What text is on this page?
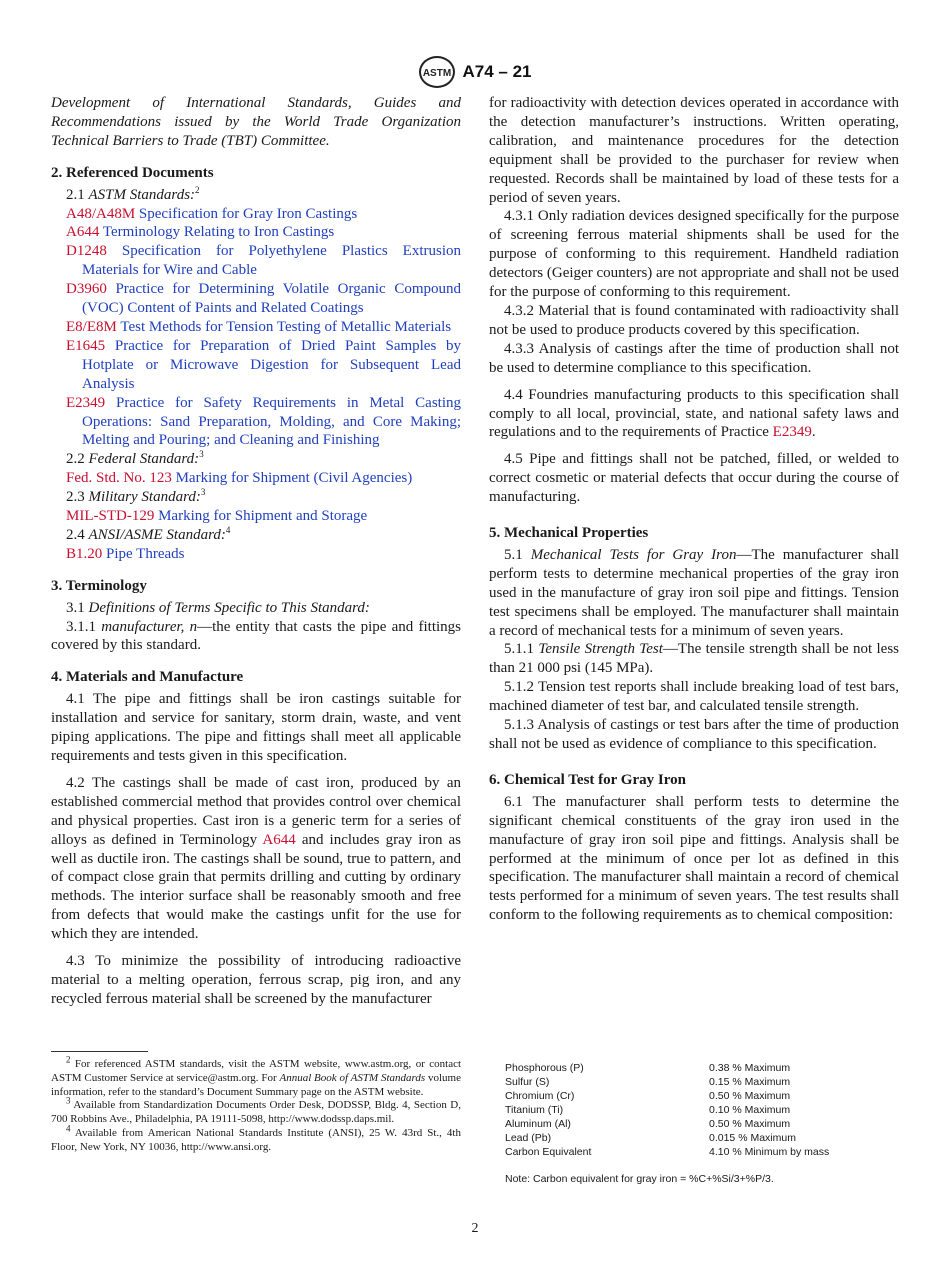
ASTM A74 – 21

Development of International Standards, Guides and Recommendations issued by the World Trade Organization Technical Barriers to Trade (TBT) Committee.

2. Referenced Documents

2.1 ASTM Standards:$^2$

A48/A48M Specification for Gray Iron Castings

A644 Terminology Relating to Iron Castings

D1248 Specification for Polyethylene Plastics Extrusion Materials for Wire and Cable

D3960 Practice for Determining Volatile Organic Compound (VOC) Content of Paints and Related Coatings

E8/E8M Test Methods for Tension Testing of Metallic Materials

E1645 Practice for Preparation of Dried Paint Samples by Hotplate or Microwave Digestion for Subsequent Lead Analysis

E2349 Practice for Safety Requirements in Metal Casting Operations: Sand Preparation, Molding, and Core Making; Melting and Pouring; and Cleaning and Finishing

2.2 Federal Standard:$^3$

Fed. Std. No. 123 Marking for Shipment (Civil Agencies)

2.3 Military Standard:$^3$

MIL-STD-129 Marking for Shipment and Storage

2.4 ANSI/ASME Standard:$^4$

B1.20 Pipe Threads

3. Terminology

3.1 Definitions of Terms Specific to This Standard:

3.1.1 manufacturer, n—the entity that casts the pipe and fittings covered by this standard.

4. Materials and Manufacture

4.1 The pipe and fittings shall be iron castings suitable for installation and service for sanitary, storm drain, waste, and vent piping applications. The pipe and fittings shall meet all applicable requirements and tests given in this specification.

4.2 The castings shall be made of cast iron, produced by an established commercial method that provides control over chemical and physical properties. Cast iron is a generic term for a series of alloys as defined in Terminology A644 and includes gray iron as well as ductile iron. The castings shall be sound, true to pattern, and of compact close grain that permits drilling and cutting by ordinary methods. The interior surface shall be reasonably smooth and free from defects that would make the castings unfit for the use for which they are intended.

4.3 To minimize the possibility of introducing radioactive material to a melting operation, ferrous scrap, pig iron, and any recycled ferrous material shall be screened by the manufacturer

$^2$ For referenced ASTM standards, visit the ASTM website, www.astm.org, or contact ASTM Customer Service at service@astm.org. For Annual Book of ASTM Standards volume information, refer to the standard’s Document Summary page on the ASTM website.

$^3$ Available from Standardization Documents Order Desk, DODSSP, Bldg. 4, Section D, 700 Robbins Ave., Philadelphia, PA 19111-5098, http://www.dodssp.daps.mil.

$^4$ Available from American National Standards Institute (ANSI), 25 W. 43rd St., 4th Floor, New York, NY 10036, http://www.ansi.org.

for radioactivity with detection devices operated in accordance with the detection manufacturer’s instructions. Written operating, calibration, and maintenance procedures for the detection equipment shall be provided to the purchaser for review when requested. Records shall be maintained by load of these tests for a period of seven years.

4.3.1 Only radiation devices designed specifically for the purpose of screening ferrous material shipments shall be used for the purpose of conforming to this requirement. Handheld radiation detectors (Geiger counters) are not appropriate and shall not be used for the purpose of conforming to this requirement.

4.3.2 Material that is found contaminated with radioactivity shall not be used to produce products covered by this specification.

4.3.3 Analysis of castings after the time of production shall not be used to determine compliance to this specification.

4.4 Foundries manufacturing products to this specification shall comply to all local, provincial, state, and national safety laws and regulations and to the requirements of Practice E2349.

4.5 Pipe and fittings shall not be patched, filled, or welded to correct cosmetic or material defects that occur during the course of manufacturing.

5. Mechanical Properties

5.1 Mechanical Tests for Gray Iron—The manufacturer shall perform tests to determine mechanical properties of the gray iron used in the manufacture of gray iron soil pipe and fittings. Tension test specimens shall be employed. The manufacturer shall maintain a record of mechanical tests for a minimum of seven years.

5.1.1 Tensile Strength Test—The tensile strength shall be not less than 21 000 psi (145 MPa).

5.1.2 Tension test reports shall include breaking load of test bars, machined diameter of test bar, and calculated tensile strength.

5.1.3 Analysis of castings or test bars after the time of production shall not be used as evidence of compliance to this specification.

6. Chemical Test for Gray Iron

6.1 The manufacturer shall perform tests to determine the significant chemical constituents of the gray iron used in the manufacture of gray iron soil pipe and fittings. Analysis shall be performed at the minimum of once per lot as defined in this specification. The manufacturer shall maintain a record of chemical tests performed for a minimum of seven years. The test results shall conform to the following requirements as to chemical composition:

Phosphorous (P)	0.38 % Maximum
Sulfur (S)	0.15 % Maximum
Chromium (Cr)	0.50 % Maximum
Titanium (Ti)	0.10 % Maximum
Aluminum (Al)	0.50 % Maximum
Lead (Pb)	0.015 % Maximum
Carbon Equivalent	4.10 % Minimum by mass
Note: Carbon equivalent for gray iron = %C+%Si/3+%P/3.
2
